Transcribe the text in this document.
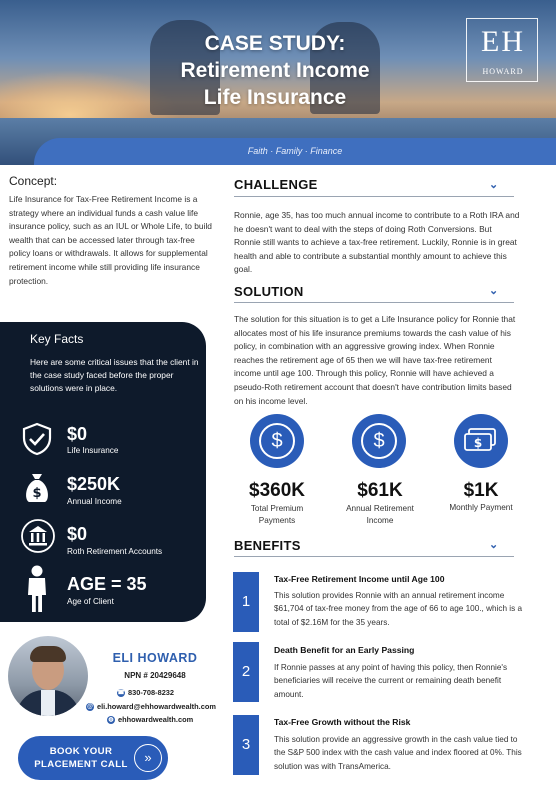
Faith · Family · Finance
CASE STUDY:
Retirement Income
Life Insurance
EH
HOWARD
Concept:
Life Insurance for Tax-Free Retirement Income is a strategy where an individual funds a cash value life insurance policy, such as an IUL or Whole Life, to build wealth that can be accessed later through tax-free policy loans or withdrawals. It allows for supplemental retirement income while still providing life insurance protection.
Key Facts
Here are some critical issues that the client in the case study faced before the proper solutions were in place.
$0
Life Insurance
$ $250K
Annual Income
$0
Roth Retirement Accounts
AGE = 35
Age of Client
ELI HOWARD
NPN # 20429648
☎ 830-708-8232
@ eli.howard@ehhowardwealth.com
◍ ehhowardwealth.com
BOOK YOUR
PLACEMENT CALL	»
CHALLENGE	⌄
Ronnie, age 35, has too much annual income to contribute to a Roth IRA and he doesn't want to deal with the steps of doing Roth Conversions. But Ronnie still wants to achieve a tax-free retirement. Luckily, Ronnie is in great health and able to contribute a substantial monthly amount to achieve this goal.
SOLUTION	⌄
The solution for this situation is to get a Life Insurance policy for Ronnie that allocates most of his life insurance premiums towards the cash value of his policy, in combination with an aggressive growing index. When Ronnie reaches the retirement age of 65 then we will have tax-free retirement income until age 100. Through this policy, Ronnie will have achieved a pseudo-Roth retirement account that doesn't have contribution limits based on his income level.
$
$360K
Total Premium
Payments
$
$61K
Annual Retirement
Income
$
$1K
Monthly Payment
BENEFITS	⌄
1
Tax-Free Retirement Income until Age 100
This solution provides Ronnie with an annual retirement income $61,704 of tax-free money from the age of 66 to age 100., which is a total of $2.16M for the 35 years.
2
Death Benefit for an Early Passing
If Ronnie passes at any point of having this policy, then Ronnie's beneficiaries will receive the current or remaining death benefit amount.
3
Tax-Free Growth without the Risk
This solution provide an aggressive growth in the cash value tied to the S&P 500 index with the cash value and index floored at 0%. This solution was with TransAmerica.
